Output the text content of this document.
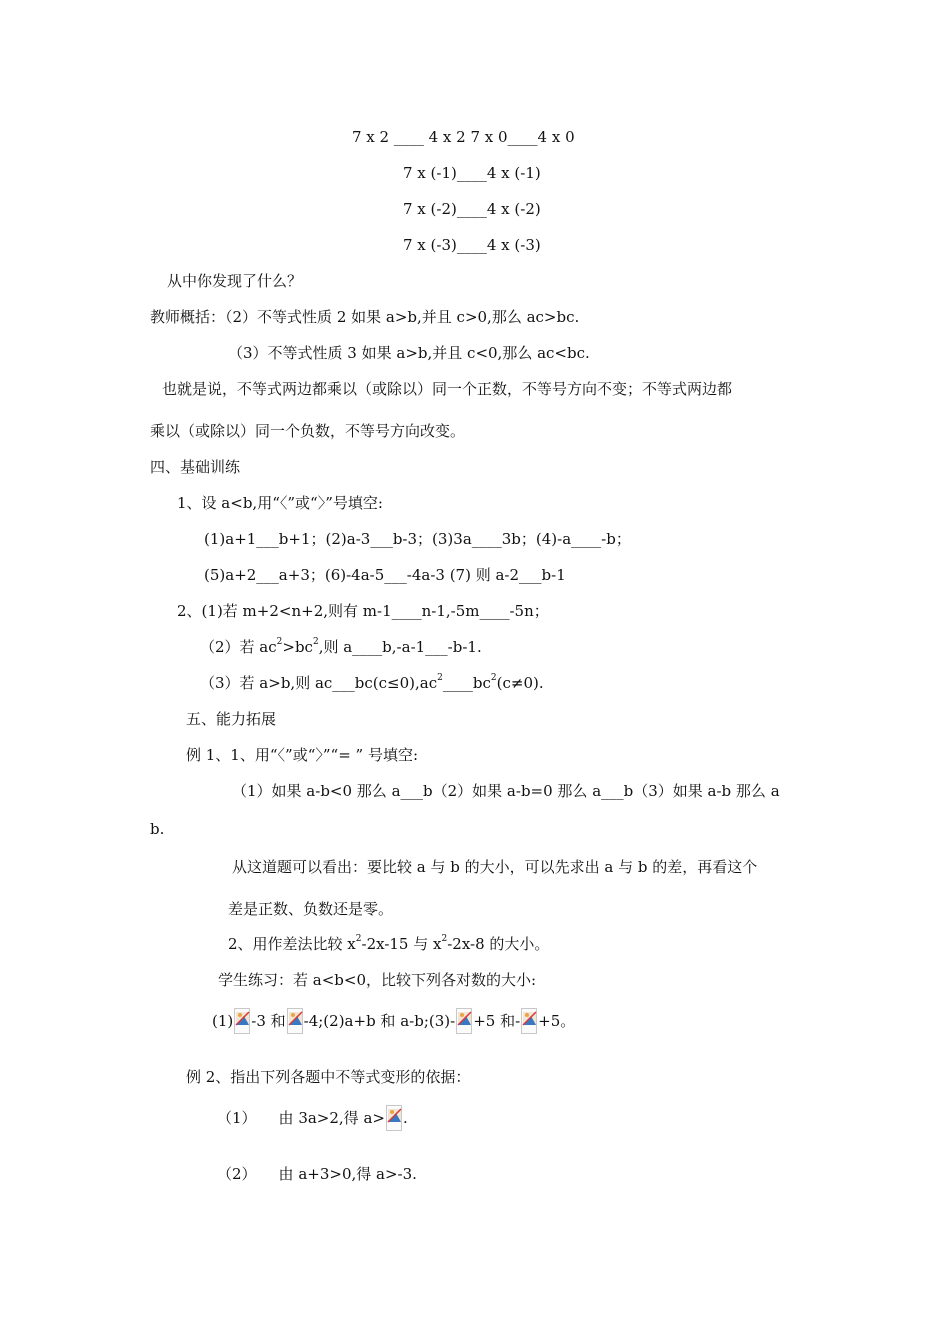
7 x 2 ____ 4 x 2 7 x 0____4 x 0
7 x (-1)____4 x (-1)
7 x (-2)____4 x (-2)
7 x (-3)____4 x (-3)
从中你发现了什么？
教师概括：（2）不等式性质 2 如果 a>b,并且 c>0,那么 ac>bc.
（3）不等式性质 3 如果 a>b,并且 c<0,那么 ac<bc.
也就是说，不等式两边都乘以（或除以）同一个正数，不等号方向不变；不等式两边都
乘以（或除以）同一个负数，不等号方向改变。
四、基础训练
1、设 a<b,用“〈”或“〉”号填空:
(1)a+1___b+1；(2)a-3___b-3；(3)3a____3b；(4)-a____-b；
(5)a+2___a+3；(6)-4a-5___-4a-3 (7) 则 a-2___b-1
2、(1)若 m+2<n+2,则有 m-1____n-1,-5m____-5n；
（2）若 $ac^2>bc^2$,则 a____b,-a-1___-b-1.
（3）若 a>b,则 $ac\_\_\_bc(c\le 0),ac^2\_\_\_\_bc^2(c\ne 0)$.
五、能力拓展
例 1、1、用“〈”或“〉”“= ” 号填空:
（1）如果 a-b<0 那么 a___b（2）如果 a-b=0 那么 a___b（3）如果 a-b 那么 a
b.
从这道题可以看出：要比较 a 与 b 的大小，可以先求出 a 与 b 的差，再看这个
差是正数、负数还是零。
2、用作差法比较 $x^2-2x-15$ 与 $x^2-2x-8$ 的大小。
学生练习：若 a<b<0，比较下列各对数的大小:
(1) -3 和 -4;(2)a+b 和 a-b;(3)- +5 和- +5。
例 2、指出下列各题中不等式变形的依据：
（1） 由 3a>2,得 a> .
（2） 由 a+3>0,得 a>-3.
